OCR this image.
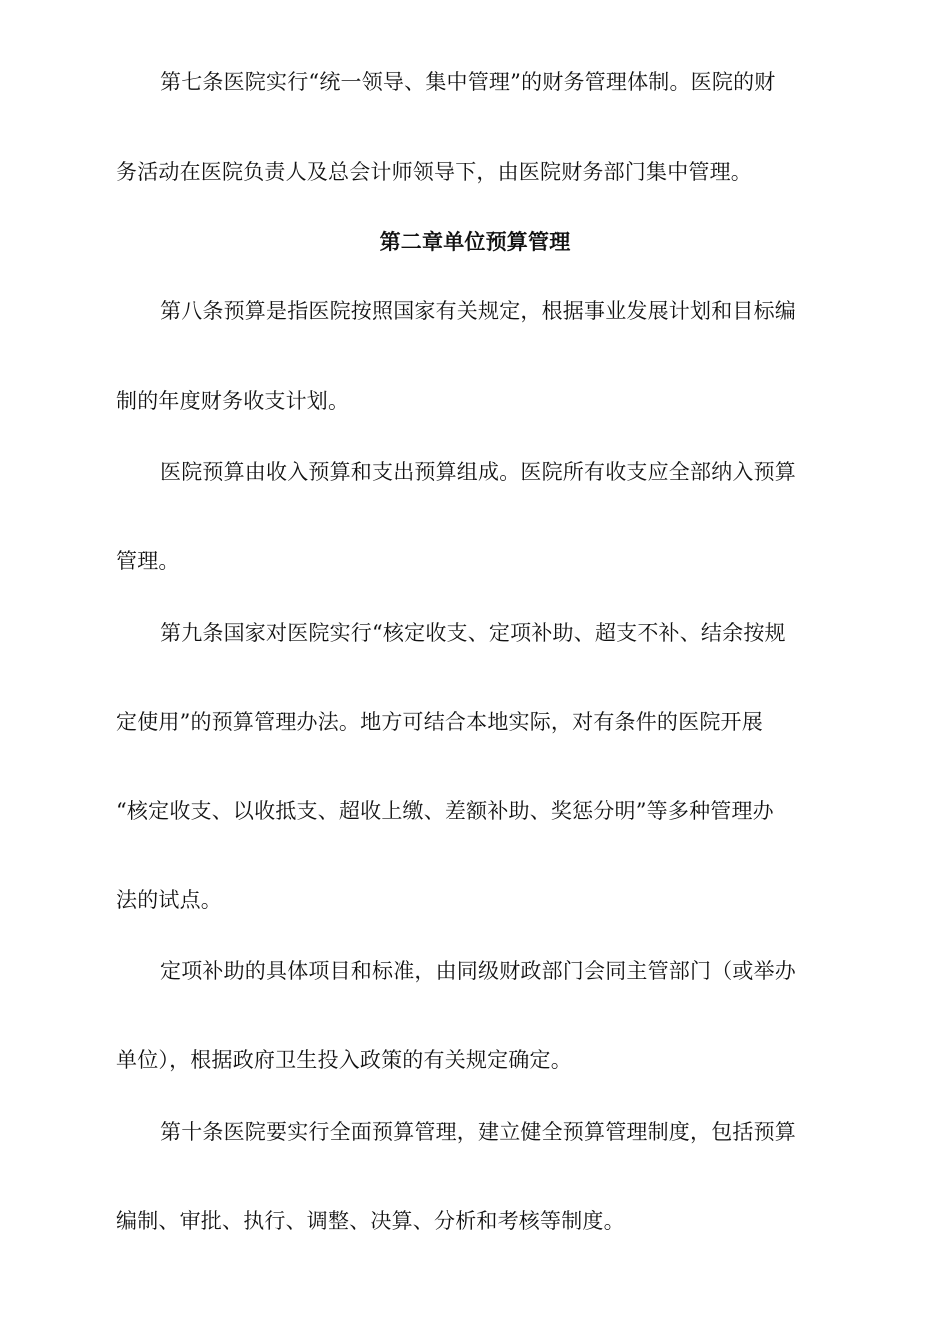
第七条医院实行“统一领导、集中管理”的财务管理体制。医院的财
务活动在医院负责人及总会计师领导下，由医院财务部门集中管理。
第二章单位预算管理
第八条预算是指医院按照国家有关规定，根据事业发展计划和目标编
制的年度财务收支计划。
医院预算由收入预算和支出预算组成。医院所有收支应全部纳入预算
管理。
第九条国家对医院实行“核定收支、定项补助、超支不补、结余按规
定使用”的预算管理办法。地方可结合本地实际，对有条件的医院开展
“核定收支、以收抵支、超收上缴、差额补助、奖惩分明”等多种管理办
法的试点。
定项补助的具体项目和标准，由同级财政部门会同主管部门（或举办
单位），根据政府卫生投入政策的有关规定确定。
第十条医院要实行全面预算管理，建立健全预算管理制度，包括预算
编制、审批、执行、调整、决算、分析和考核等制度。
